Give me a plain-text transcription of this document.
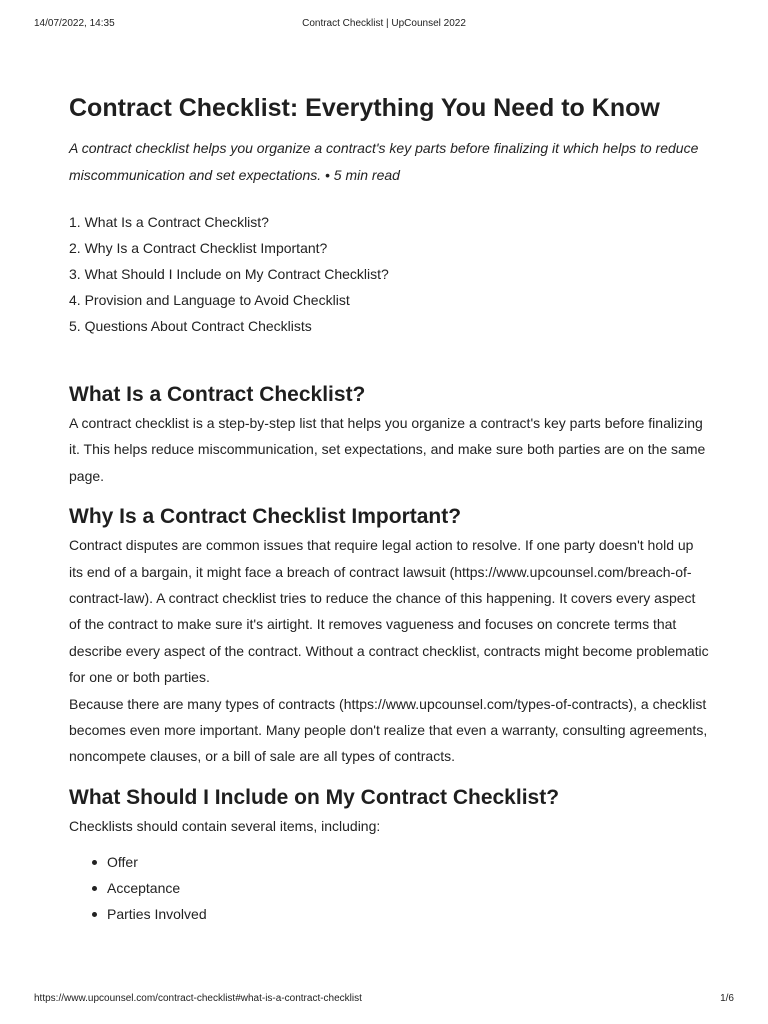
14/07/2022, 14:35	Contract Checklist | UpCounsel 2022
Contract Checklist: Everything You Need to Know

A contract checklist helps you organize a contract's key parts before finalizing it which helps to reduce miscommunication and set expectations. • 5 min read

1. What Is a Contract Checklist?
2. Why Is a Contract Checklist Important?
3. What Should I Include on My Contract Checklist?
4. Provision and Language to Avoid Checklist
5. Questions About Contract Checklists
What Is a Contract Checklist?

A contract checklist is a step-by-step list that helps you organize a contract's key parts before finalizing it. This helps reduce miscommunication, set expectations, and make sure both parties are on the same page.

Why Is a Contract Checklist Important?

Contract disputes are common issues that require legal action to resolve. If one party doesn't hold up its end of a bargain, it might face a breach of contract lawsuit (https://www.upcounsel.com/breach-of-contract-law). A contract checklist tries to reduce the chance of this happening. It covers every aspect of the contract to make sure it's airtight. It removes vagueness and focuses on concrete terms that describe every aspect of the contract. Without a contract checklist, contracts might become problematic for one or both parties.

Because there are many types of contracts (https://www.upcounsel.com/types-of-contracts), a checklist becomes even more important. Many people don't realize that even a warranty, consulting agreements, noncompete clauses, or a bill of sale are all types of contracts.

What Should I Include on My Contract Checklist?

Checklists should contain several items, including:

Offer
Acceptance
Parties Involved
https://www.upcounsel.com/contract-checklist#what-is-a-contract-checklist	1/6
